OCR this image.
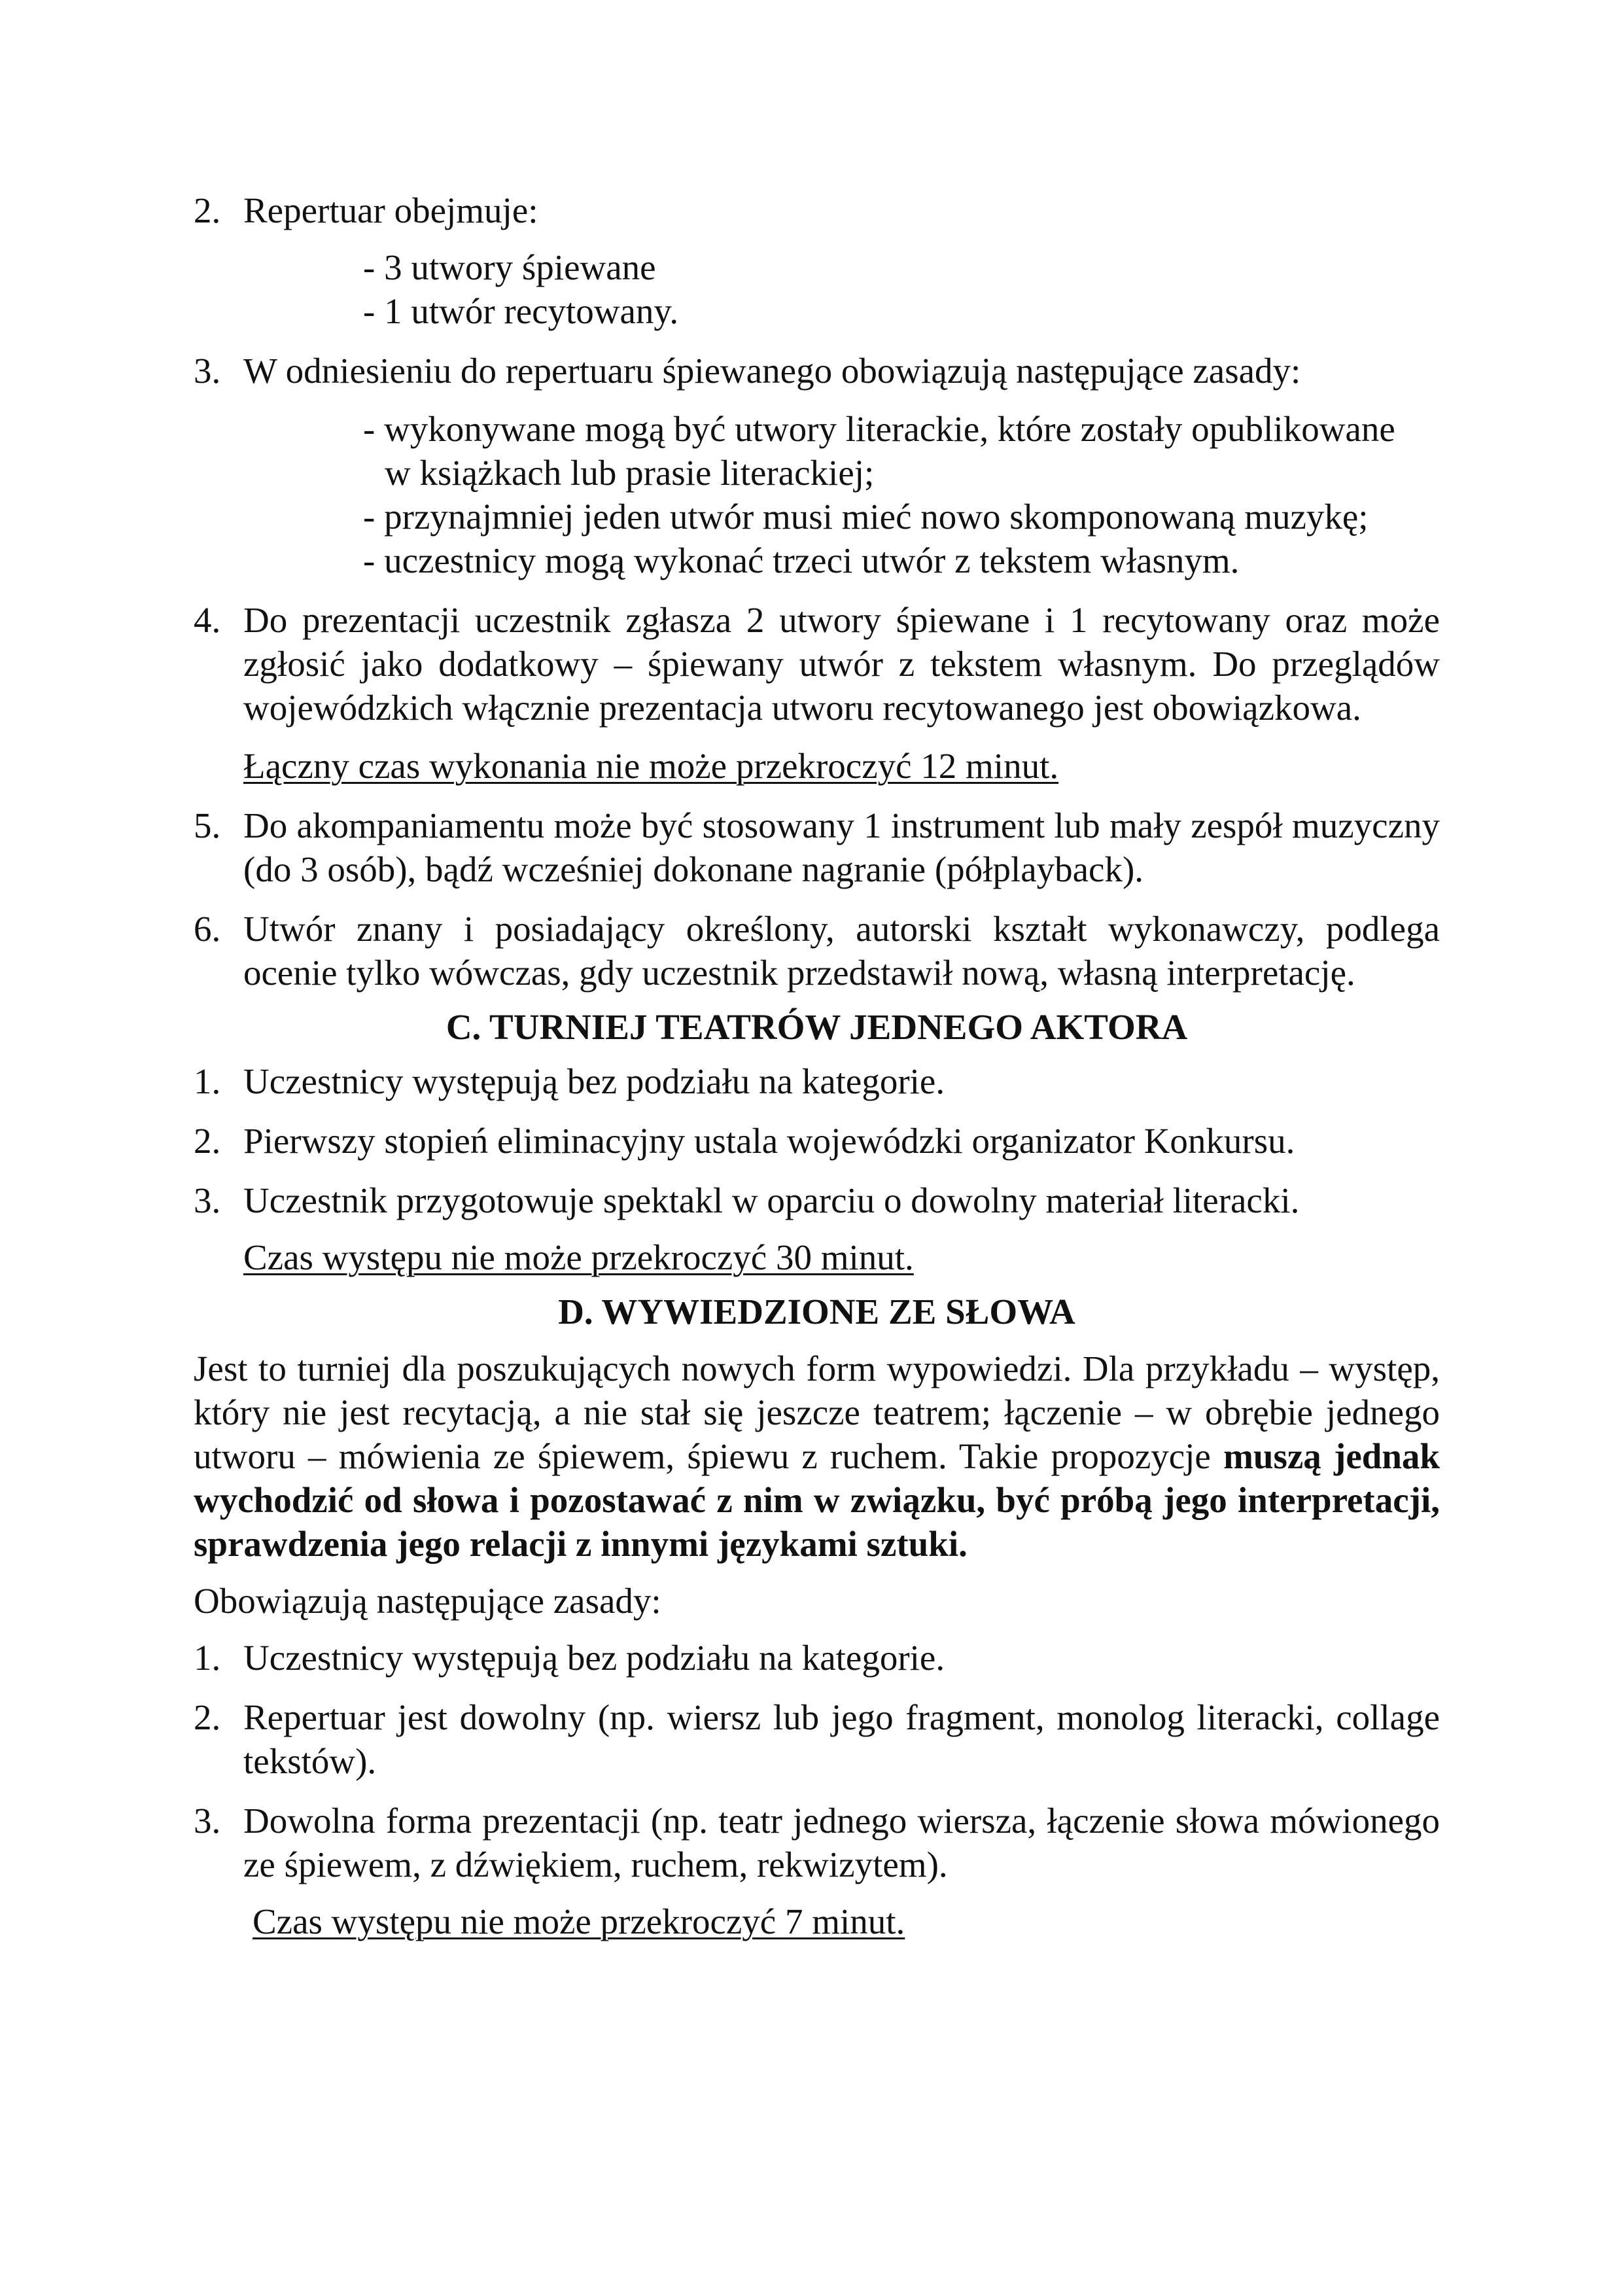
2. Repertuar obejmuje:

- 3 utwory śpiewane

- 1 utwór recytowany.

3. W odniesieniu do repertuaru śpiewanego obowiązują następujące zasady:

- wykonywane mogą być utwory literackie, które zostały opublikowane

w książkach lub prasie literackiej;

- przynajmniej jeden utwór musi mieć nowo skomponowaną muzykę;

- uczestnicy mogą wykonać trzeci utwór z tekstem własnym.

4. Do prezentacji uczestnik zgłasza 2 utwory śpiewane i 1 recytowany oraz może zgłosić jako dodatkowy – śpiewany utwór z tekstem własnym. Do przeglądów wojewódzkich włącznie prezentacja utworu recytowanego jest obowiązkowa.

Łączny czas wykonania nie może przekroczyć 12 minut.

5. Do akompaniamentu może być stosowany 1 instrument lub mały zespół muzyczny (do 3 osób), bądź wcześniej dokonane nagranie (półplayback).
6. Utwór znany i posiadający określony, autorski kształt wykonawczy, podlega ocenie tylko wówczas, gdy uczestnik przedstawił nową, własną interpretację.

C. TURNIEJ TEATRÓW JEDNEGO AKTORA

1. Uczestnicy występują bez podziału na kategorie.
2. Pierwszy stopień eliminacyjny ustala wojewódzki organizator Konkursu.
3. Uczestnik przygotowuje spektakl w oparciu o dowolny materiał literacki.

Czas występu nie może przekroczyć 30 minut.

D. WYWIEDZIONE ZE SŁOWA

Jest to turniej dla poszukujących nowych form wypowiedzi. Dla przykładu – występ, który nie jest recytacją, a nie stał się jeszcze teatrem; łączenie – w obrębie jednego utworu – mówienia ze śpiewem, śpiewu z ruchem. Takie propozycje muszą jednak wychodzić od słowa i pozostawać z nim w związku, być próbą jego interpretacji, sprawdzenia jego relacji z innymi językami sztuki.

Obowiązują następujące zasady:

1. Uczestnicy występują bez podziału na kategorie.
2. Repertuar jest dowolny (np. wiersz lub jego fragment, monolog literacki, collage tekstów).
3. Dowolna forma prezentacji (np. teatr jednego wiersza, łączenie słowa mówionego ze śpiewem, z dźwiękiem, ruchem, rekwizytem).

Czas występu nie może przekroczyć 7 minut.
